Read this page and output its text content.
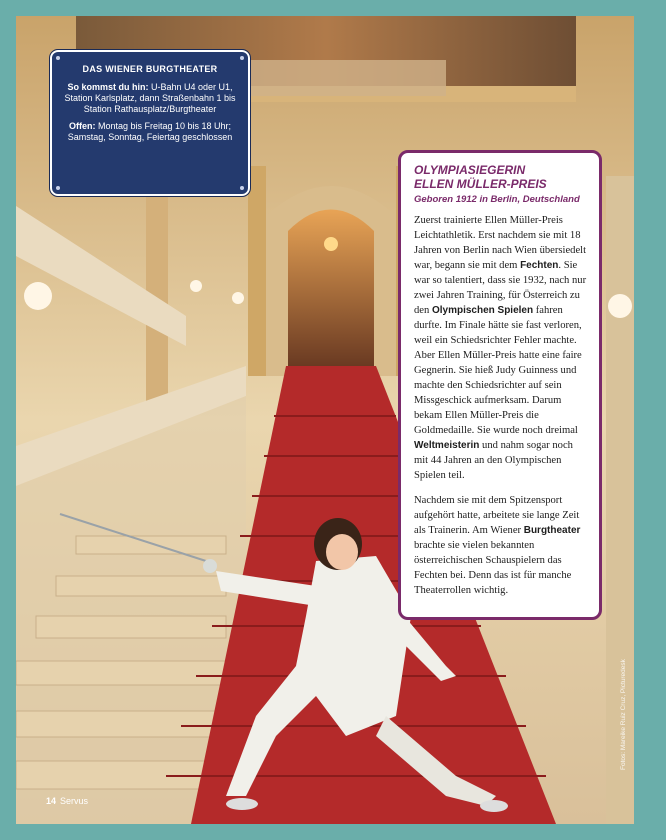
DAS WIENER BURGTHEATER
So kommst du hin: U-Bahn U4 oder U1, Station Karlsplatz, dann Straßenbahn 1 bis Station Rathausplatz/Burgtheater
Offen: Montag bis Freitag 10 bis 18 Uhr; Samstag, Sonntag, Feiertag geschlossen
OLYMPIASIEGERIN
ELLEN MÜLLER-PREIS
Geboren 1912 in Berlin, Deutschland

Zuerst trainierte Ellen Müller-Preis Leichtathletik. Erst nachdem sie mit 18 Jahren von Berlin nach Wien übersiedelt war, begann sie mit dem Fechten. Sie war so talentiert, dass sie 1932, nach nur zwei Jahren Training, für Österreich zu den Olympischen Spielen fahren durfte. Im Finale hätte sie fast verloren, weil ein Schiedsrichter Fehler machte. Aber Ellen Müller-Preis hatte eine faire Gegnerin. Sie hieß Judy Guinness und machte den Schiedsrichter auf sein Missgeschick aufmerksam. Darum bekam Ellen Müller-Preis die Goldmedaille. Sie wurde noch dreimal Weltmeisterin und nahm sogar noch mit 44 Jahren an den Olympischen Spielen teil.

Nachdem sie mit dem Spitzensport aufgehört hatte, arbeitete sie lange Zeit als Trainerin. Am Wiener Burgtheater brachte sie vielen bekannten österreichischen Schauspielern das Fechten bei. Denn das ist für manche Theaterrollen wichtig.

14 Servus
Fotos: Mareike Ruiz Cruz, Picturedesk
